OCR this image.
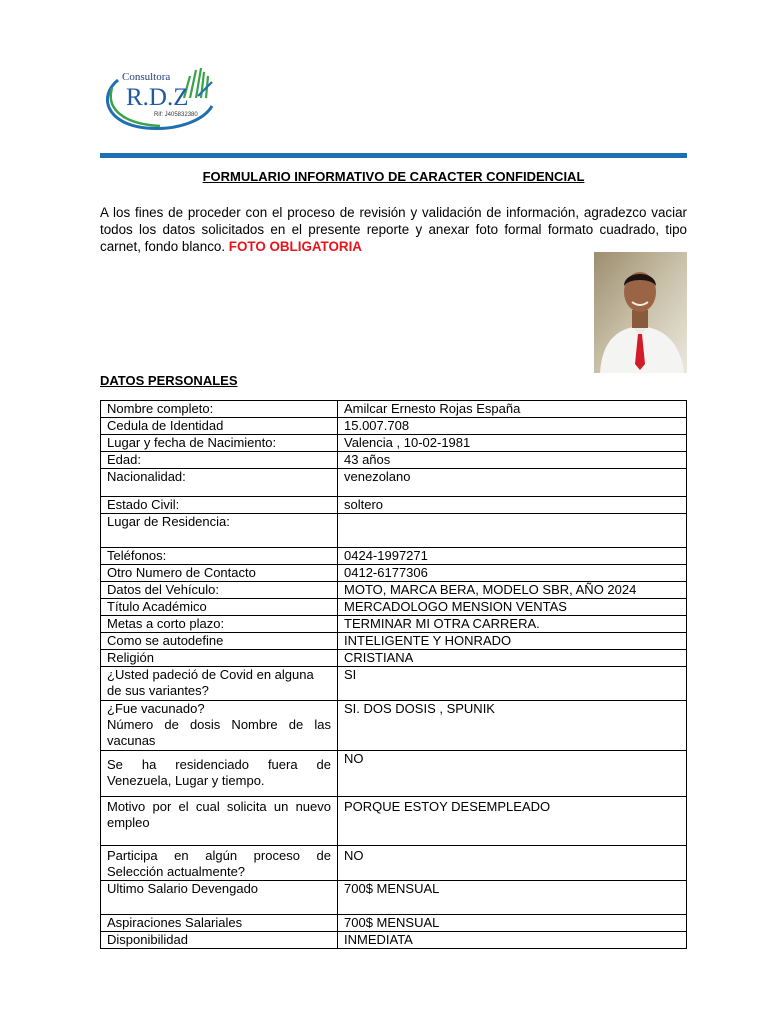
Consultora
R.D.Z
Rif: J405832380
FORMULARIO INFORMATIVO DE CARACTER CONFIDENCIAL
A los fines de proceder con el proceso de revisión y validación de información, agradezco vaciar todos los datos solicitados en el presente reporte y anexar foto formal formato cuadrado, tipo carnet, fondo blanco. FOTO OBLIGATORIA
DATOS PERSONALES
Nombre completo:	Amilcar Ernesto Rojas España
Cedula de Identidad	15.007.708
Lugar y fecha de Nacimiento:	Valencia , 10-02-1981
Edad:	43 años
Nacionalidad:	venezolano
Estado Civil:	soltero
Lugar de Residencia:	
Teléfonos:	0424-1997271
Otro Numero de Contacto	0412-6177306
Datos del Vehículo:	MOTO, MARCA BERA, MODELO SBR, AÑO 2024
Título Académico	MERCADOLOGO MENSION VENTAS
Metas a corto plazo:	TERMINAR MI OTRA CARRERA.
Como se autodefine	INTELIGENTE Y HONRADO
Religión	CRISTIANA
¿Usted padeció de Covid en alguna de sus variantes?	SI
¿Fue vacunado?
Número de dosis Nombre de las vacunas	SI. DOS DOSIS , SPUNIK
Se ha residenciado fuera de Venezuela, Lugar y tiempo.	NO
Motivo por el cual solicita un nuevo empleo	PORQUE ESTOY DESEMPLEADO
Participa en algún proceso de Selección actualmente?	NO
Ultimo Salario Devengado	700$ MENSUAL
Aspiraciones Salariales	700$ MENSUAL
Disponibilidad	INMEDIATA
